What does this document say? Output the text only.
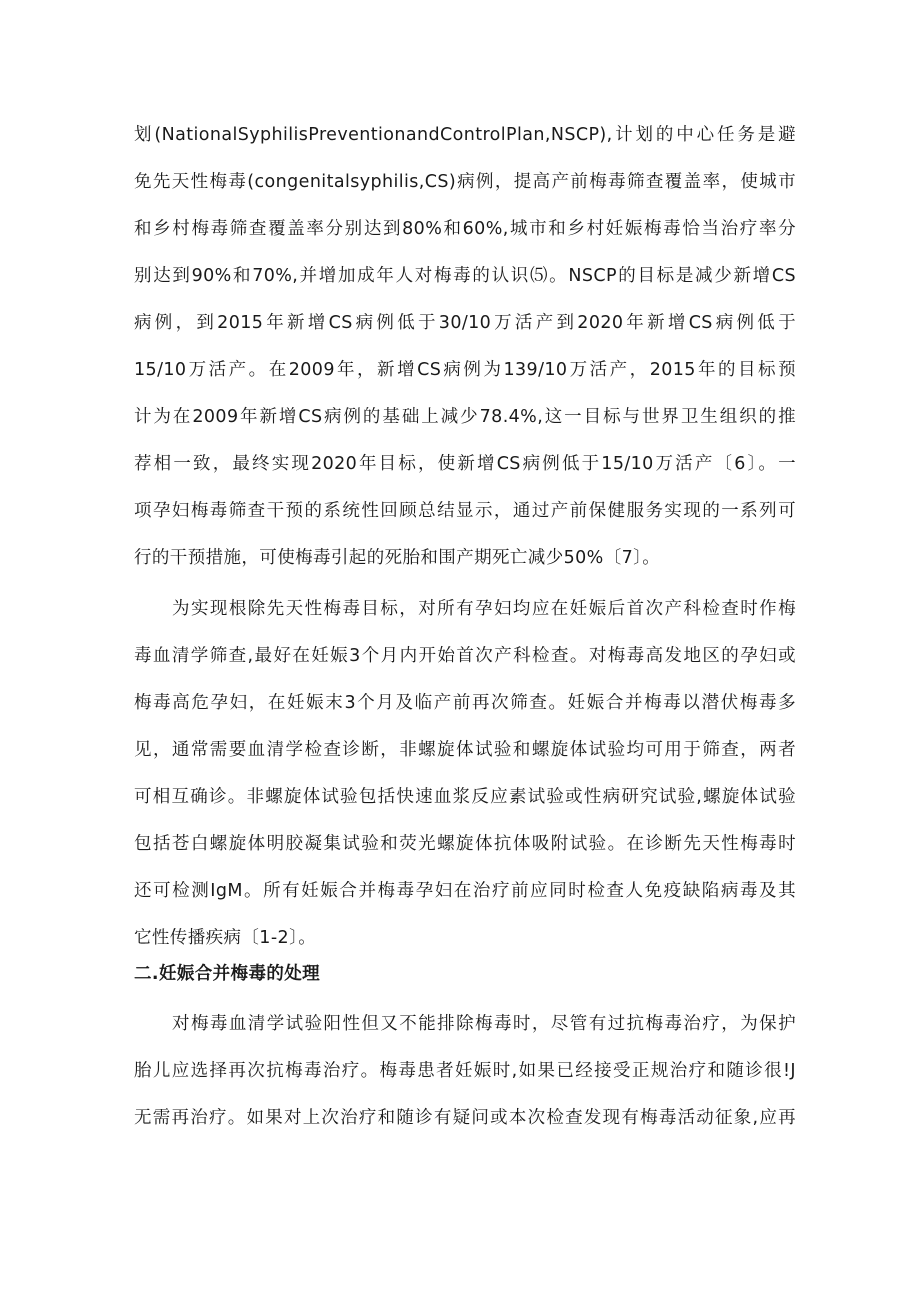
划(NationalSyphilisPreventionandControlPlan,NSCP),计划的中心任务是避
免先天性梅毒(congenitalsyphilis,CS)病例，提高产前梅毒筛查覆盖率，使城市
和乡村梅毒筛查覆盖率分别达到80%和60%,城市和乡村妊娠梅毒恰当治疗率分
别达到90%和70%,并增加成年人对梅毒的认识⑸。NSCP的目标是减少新增CS
病例，到2015年新增CS病例低于30/10万活产到2020年新增CS病例低于
15/10万活产。在2009年，新增CS病例为139/10万活产，2015年的目标预
计为在2009年新增CS病例的基础上减少78.4%,这一目标与世界卫生组织的推
荐相一致，最终实现2020年目标，使新增CS病例低于15/10万活产〔6〕。一
项孕妇梅毒筛查干预的系统性回顾总结显示，通过产前保健服务实现的一系列可
行的干预措施，可使梅毒引起的死胎和围产期死亡减少50%〔7〕。
为实现根除先天性梅毒目标，对所有孕妇均应在妊娠后首次产科检查时作梅
毒血清学筛查,最好在妊娠3个月内开始首次产科检查。对梅毒高发地区的孕妇或
梅毒高危孕妇，在妊娠末3个月及临产前再次筛查。妊娠合并梅毒以潜伏梅毒多
见，通常需要血清学检查诊断，非螺旋体试验和螺旋体试验均可用于筛查，两者
可相互确诊。非螺旋体试验包括快速血浆反应素试验或性病研究试验,螺旋体试验
包括苍白螺旋体明胶凝集试验和荧光螺旋体抗体吸附试验。在诊断先天性梅毒时
还可检测IgM。所有妊娠合并梅毒孕妇在治疗前应同时检查人免疫缺陷病毒及其
它性传播疾病〔1-2〕。
二.妊娠合并梅毒的处理
对梅毒血清学试验阳性但又不能排除梅毒时，尽管有过抗梅毒治疗，为保护
胎儿应选择再次抗梅毒治疗。梅毒患者妊娠时,如果已经接受正规治疗和随诊很!J
无需再治疗。如果对上次治疗和随诊有疑问或本次检查发现有梅毒活动征象,应再
